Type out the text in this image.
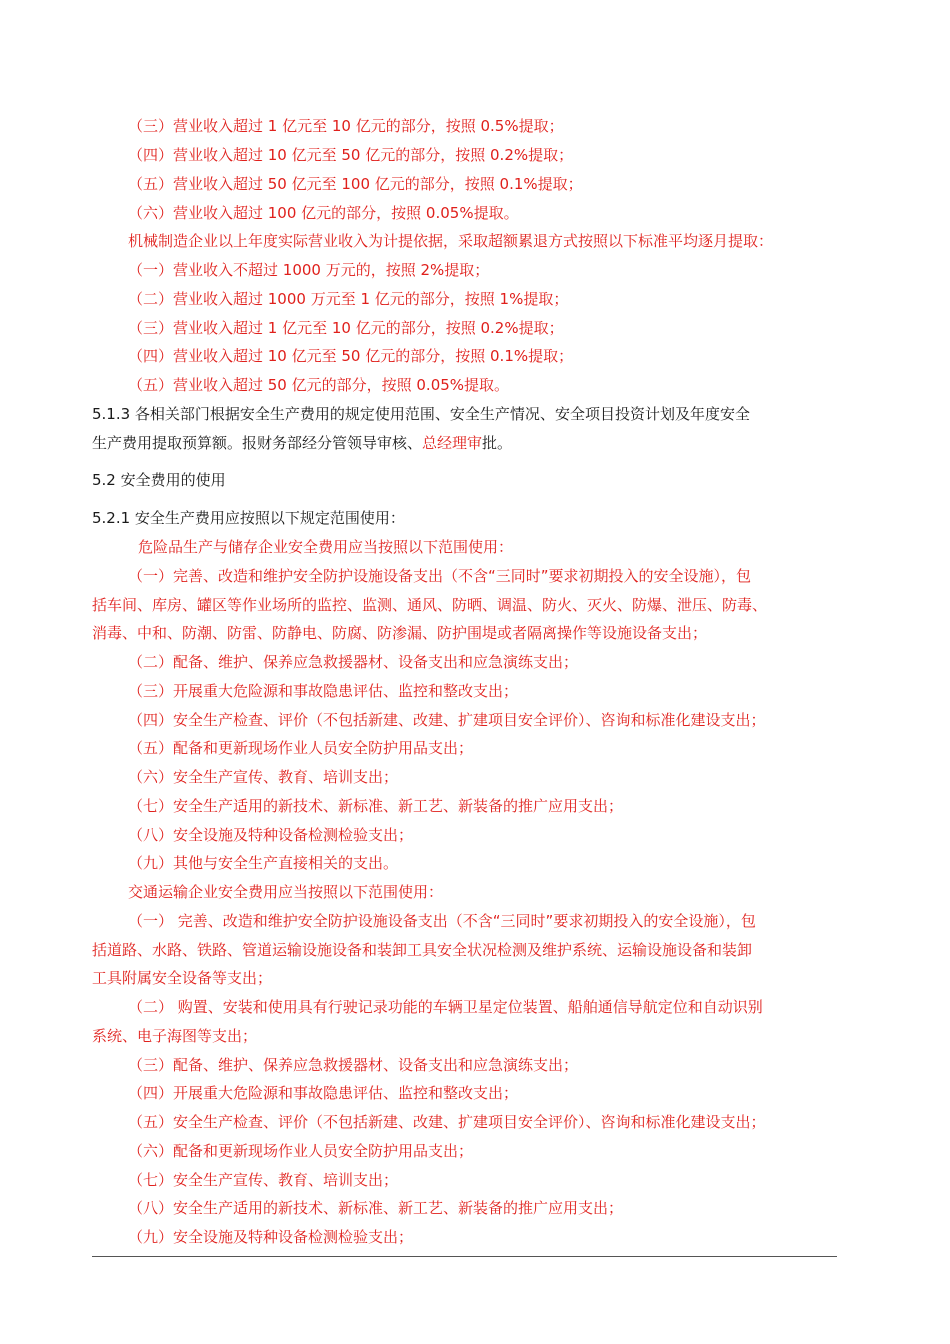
（三）营业收入超过 1 亿元至 10 亿元的部分，按照 0.5%提取；
（四）营业收入超过 10 亿元至 50 亿元的部分，按照 0.2%提取；
（五）营业收入超过 50 亿元至 100 亿元的部分，按照 0.1%提取；
（六）营业收入超过 100 亿元的部分，按照 0.05%提取。
机械制造企业以上年度实际营业收入为计提依据，采取超额累退方式按照以下标准平均逐月提取：
（一）营业收入不超过 1000 万元的，按照 2%提取；
（二）营业收入超过 1000 万元至 1 亿元的部分，按照 1%提取；
（三）营业收入超过 1 亿元至 10 亿元的部分，按照 0.2%提取；
（四）营业收入超过 10 亿元至 50 亿元的部分，按照 0.1%提取；
（五）营业收入超过 50 亿元的部分，按照 0.05%提取。
5.1.3 各相关部门根据安全生产费用的规定使用范围、安全生产情况、安全项目投资计划及年度安全
生产费用提取预算额。报财务部经分管领导审核、总经理审批。
5.2 安全费用的使用
5.2.1 安全生产费用应按照以下规定范围使用：
危险品生产与储存企业安全费用应当按照以下范围使用：
（一）完善、改造和维护安全防护设施设备支出（不含“三同时”要求初期投入的安全设施），包
括车间、库房、罐区等作业场所的监控、监测、通风、防晒、调温、防火、灭火、防爆、泄压、防毒、
消毒、中和、防潮、防雷、防静电、防腐、防渗漏、防护围堤或者隔离操作等设施设备支出；
（二）配备、维护、保养应急救援器材、设备支出和应急演练支出；
（三）开展重大危险源和事故隐患评估、监控和整改支出；
（四）安全生产检查、评价（不包括新建、改建、扩建项目安全评价）、咨询和标准化建设支出；
（五）配备和更新现场作业人员安全防护用品支出；
（六）安全生产宣传、教育、培训支出；
（七）安全生产适用的新技术、新标准、新工艺、新装备的推广应用支出；
（八）安全设施及特种设备检测检验支出；
（九）其他与安全生产直接相关的支出。
交通运输企业安全费用应当按照以下范围使用：
（一） 完善、改造和维护安全防护设施设备支出（不含“三同时”要求初期投入的安全设施），包
括道路、水路、铁路、管道运输设施设备和装卸工具安全状况检测及维护系统、运输设施设备和装卸
工具附属安全设备等支出；
（二） 购置、安装和使用具有行驶记录功能的车辆卫星定位装置、船舶通信导航定位和自动识别
系统、电子海图等支出；
（三）配备、维护、保养应急救援器材、设备支出和应急演练支出；
（四）开展重大危险源和事故隐患评估、监控和整改支出；
（五）安全生产检查、评价（不包括新建、改建、扩建项目安全评价）、咨询和标准化建设支出；
（六）配备和更新现场作业人员安全防护用品支出；
（七）安全生产宣传、教育、培训支出；
（八）安全生产适用的新技术、新标准、新工艺、新装备的推广应用支出；
（九）安全设施及特种设备检测检验支出；
